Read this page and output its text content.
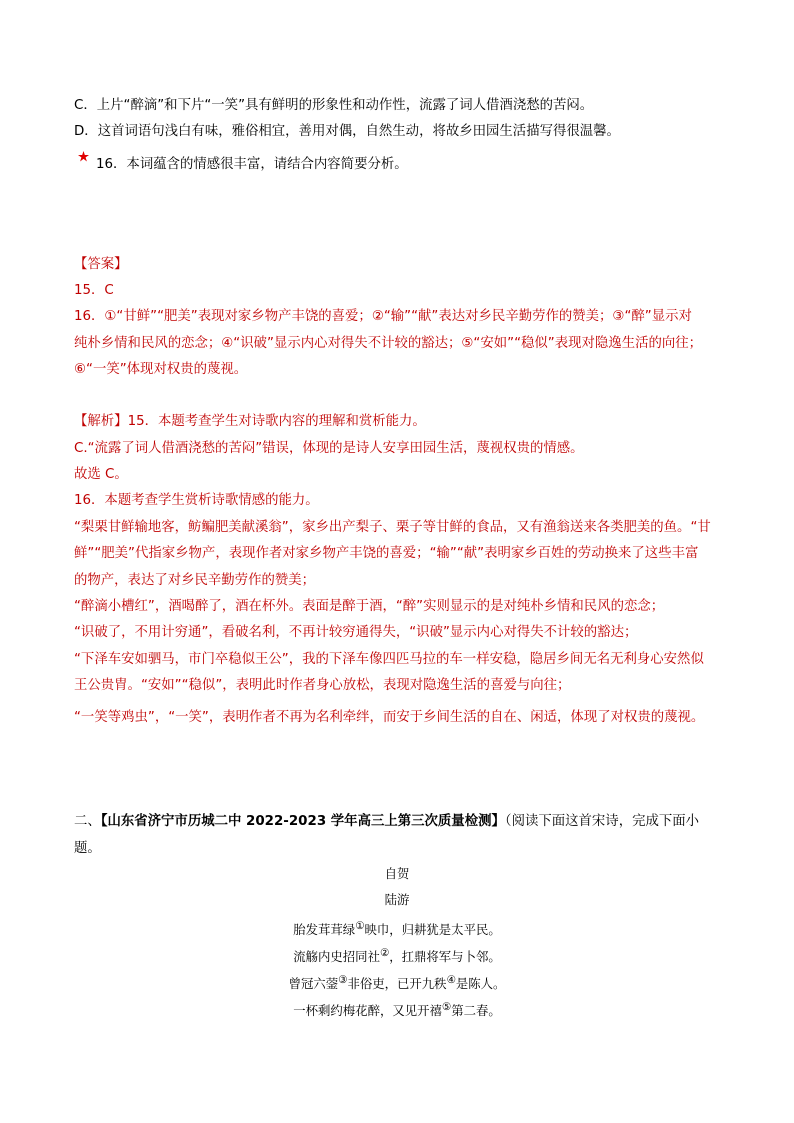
C．上片“醉滴”和下片“一笑”具有鲜明的形象性和动作性，流露了词人借酒浇愁的苦闷。
D．这首词语句浅白有味，雅俗相宜，善用对偶，自然生动，将故乡田园生活描写得很温馨。
16．本词蕴含的情感很丰富，请结合内容简要分析。
【答案】
15．C
16．①“甘鲜”“肥美”表现对家乡物产丰饶的喜爱；②“输”“献”表达对乡民辛勤劳作的赞美；③“醉”显示对
纯朴乡情和民风的恋念；④“识破”显示内心对得失不计较的豁达；⑤“安如”“稳似”表现对隐逸生活的向往；
⑥“一笑”体现对权贵的蔑视。
【解析】15．本题考查学生对诗歌内容的理解和赏析能力。
C.“流露了词人借酒浇愁的苦闷”错误，体现的是诗人安享田园生活，蔑视权贵的情感。
故选 C。
16．本题考查学生赏析诗歌情感的能力。
“梨栗甘鲜输地客，鲂鳊肥美献溪翁”，家乡出产梨子、栗子等甘鲜的食品，又有渔翁送来各类肥美的鱼。“甘
鲜”“肥美”代指家乡物产，表现作者对家乡物产丰饶的喜爱；“输”“献”表明家乡百姓的劳动换来了这些丰富
的物产，表达了对乡民辛勤劳作的赞美；
“醉滴小槽红”，酒喝醉了，酒在杯外。表面是醉于酒，“醉”实则显示的是对纯朴乡情和民风的恋念；
“识破了，不用计穷通”，看破名利，不再计较穷通得失，“识破”显示内心对得失不计较的豁达；
“下泽车安如驷马，市门卒稳似王公”，我的下泽车像四匹马拉的车一样安稳，隐居乡间无名无利身心安然似
王公贵胄。“安如”“稳似”，表明此时作者身心放松，表现对隐逸生活的喜爱与向往；
“一笑等鸡虫”，“一笑”，表明作者不再为名利牵绊，而安于乡间生活的自在、闲适，体现了对权贵的蔑视。
二、【山东省济宁市历城二中 2022-2023 学年高三上第三次质量检测】（阅读下面这首宋诗，完成下面小
题。
自贺
陆游
胎发茸茸绿①映巾，归耕犹是太平民。
流觞内史招同社②，扛鼎将军与卜邻。
曾冠六蓥③非俗吏，已开九秩④是陈人。
一杯剩约梅花醉，又见开禧⑤第二春。
